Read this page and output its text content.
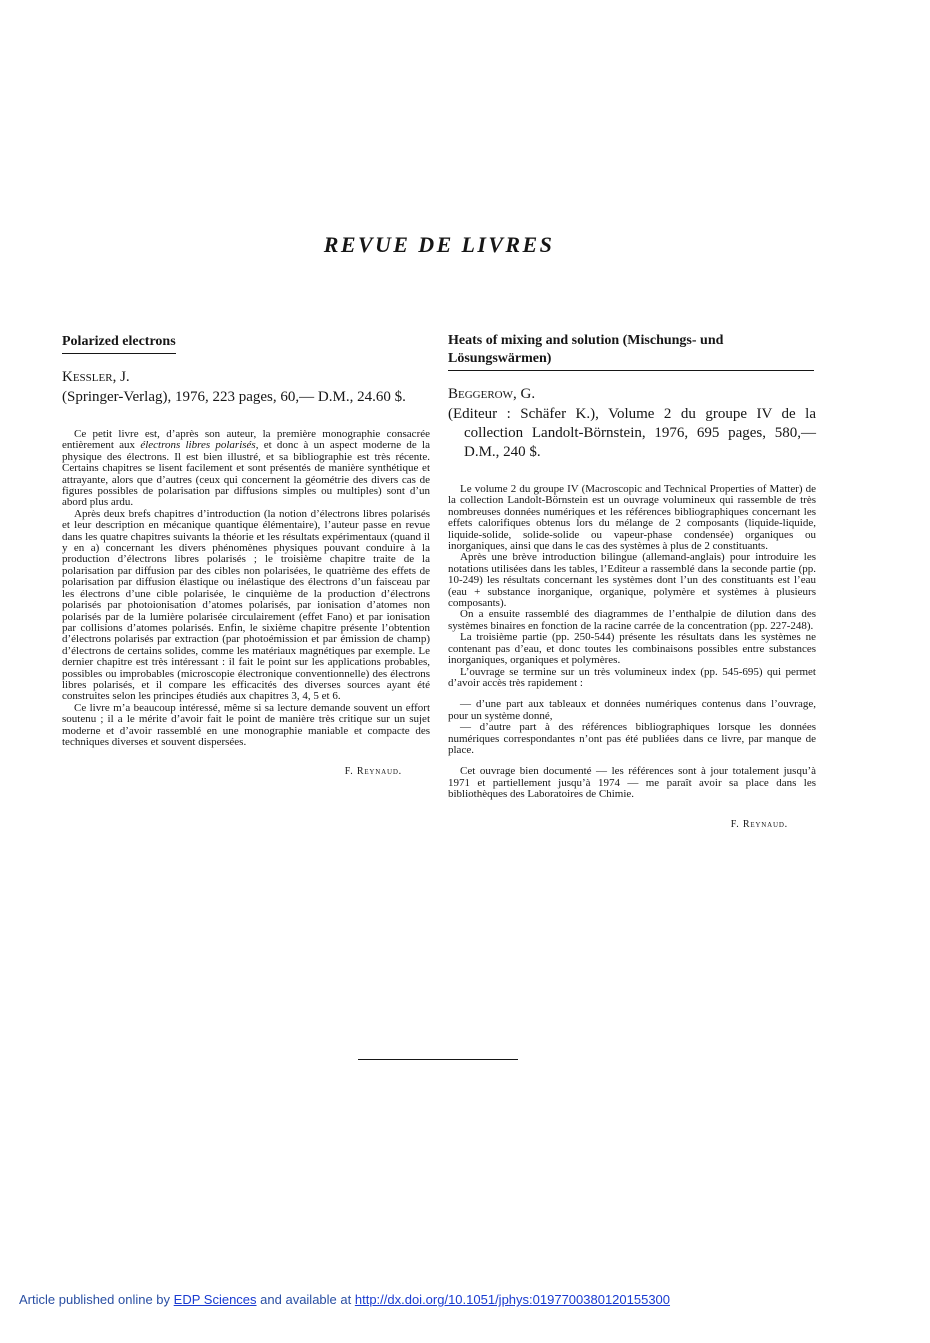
REVUE DE LIVRES
Polarized electrons
Kessler, J.

(Springer-Verlag), 1976, 223 pages, 60,— D.M., 24.60 $.

Ce petit livre est, d’après son auteur, la première monographie consacrée entièrement aux électrons libres polarisés, et donc à un aspect moderne de la physique des électrons. Il est bien illustré, et sa bibliographie est très récente. Certains chapitres se lisent facilement et sont présentés de manière synthétique et attrayante, alors que d’autres (ceux qui concernent la géométrie des divers cas de figures possibles de polarisation par diffusions simples ou multiples) sont d’un abord plus ardu.

Après deux brefs chapitres d’introduction (la notion d’électrons libres polarisés et leur description en mécanique quantique élémentaire), l’auteur passe en revue dans les quatre chapitres suivants la théorie et les résultats expérimentaux (quand il y en a) concernant les divers phénomènes physiques pouvant conduire à la production d’électrons libres polarisés ; le troisième chapitre traite de la polarisation par diffusion par des cibles non polarisées, le quatrième des effets de polarisation par diffusion élastique ou inélastique des électrons d’un faisceau par les électrons d’une cible polarisée, le cinquième de la production d’électrons polarisés par photoionisation d’atomes polarisés, par ionisation d’atomes non polarisés par de la lumière polarisée circulairement (effet Fano) et par ionisation par collisions d’atomes polarisés. Enfin, le sixième chapitre présente l’obtention d’électrons polarisés par extraction (par photoémission et par émission de champ) d’électrons de certains solides, comme les matériaux magnétiques par exemple. Le dernier chapitre est très intéressant : il fait le point sur les applications probables, possibles ou improbables (microscopie électronique conventionnelle) des électrons libres polarisés, et il compare les efficacités des diverses sources ayant été construites selon les principes étudiés aux chapitres 3, 4, 5 et 6.

Ce livre m’a beaucoup intéressé, même si sa lecture demande souvent un effort soutenu ; il a le mérite d’avoir fait le point de manière très critique sur un sujet moderne et d’avoir rassemblé en une monographie maniable et compacte des techniques diverses et souvent dispersées.

F. Reynaud.
Heats of mixing and solution (Mischungs- und Lösungswärmen)
Beggerow, G.

(Editeur : Schäfer K.), Volume 2 du groupe IV de la collection Landolt-Börnstein, 1976, 695 pages, 580,— D.M., 240 $.

Le volume 2 du groupe IV (Macroscopic and Technical Properties of Matter) de la collection Landolt-Börnstein est un ouvrage volumineux qui rassemble de très nombreuses données numériques et les références bibliographiques concernant les effets calorifiques obtenus lors du mélange de 2 composants (liquide-liquide, liquide-solide, solide-solide ou vapeur-phase condensée) organiques ou inorganiques, ainsi que dans le cas des systèmes à plus de 2 constituants.

Après une brève introduction bilingue (allemand-anglais) pour introduire les notations utilisées dans les tables, l’Editeur a rassemblé dans la seconde partie (pp. 10-249) les résultats concernant les systèmes dont l’un des constituants est l’eau (eau + substance inorganique, organique, polymère et systèmes à plusieurs composants).

On a ensuite rassemblé des diagrammes de l’enthalpie de dilution dans des systèmes binaires en fonction de la racine carrée de la concentration (pp. 227-248).

La troisième partie (pp. 250-544) présente les résultats dans les systèmes ne contenant pas d’eau, et donc toutes les combinaisons possibles entre substances inorganiques, organiques et polymères.

L’ouvrage se termine sur un très volumineux index (pp. 545-695) qui permet d’avoir accès très rapidement :

— d’une part aux tableaux et données numériques contenus dans l’ouvrage, pour un système donné,

— d’autre part à des références bibliographiques lorsque les données numériques correspondantes n’ont pas été publiées dans ce livre, par manque de place.

Cet ouvrage bien documenté — les références sont à jour totalement jusqu’à 1971 et partiellement jusqu’à 1974 — me paraît avoir sa place dans les bibliothèques des Laboratoires de Chimie.

F. Reynaud.
Article published online by EDP Sciences and available at http://dx.doi.org/10.1051/jphys:0197700380120155300
